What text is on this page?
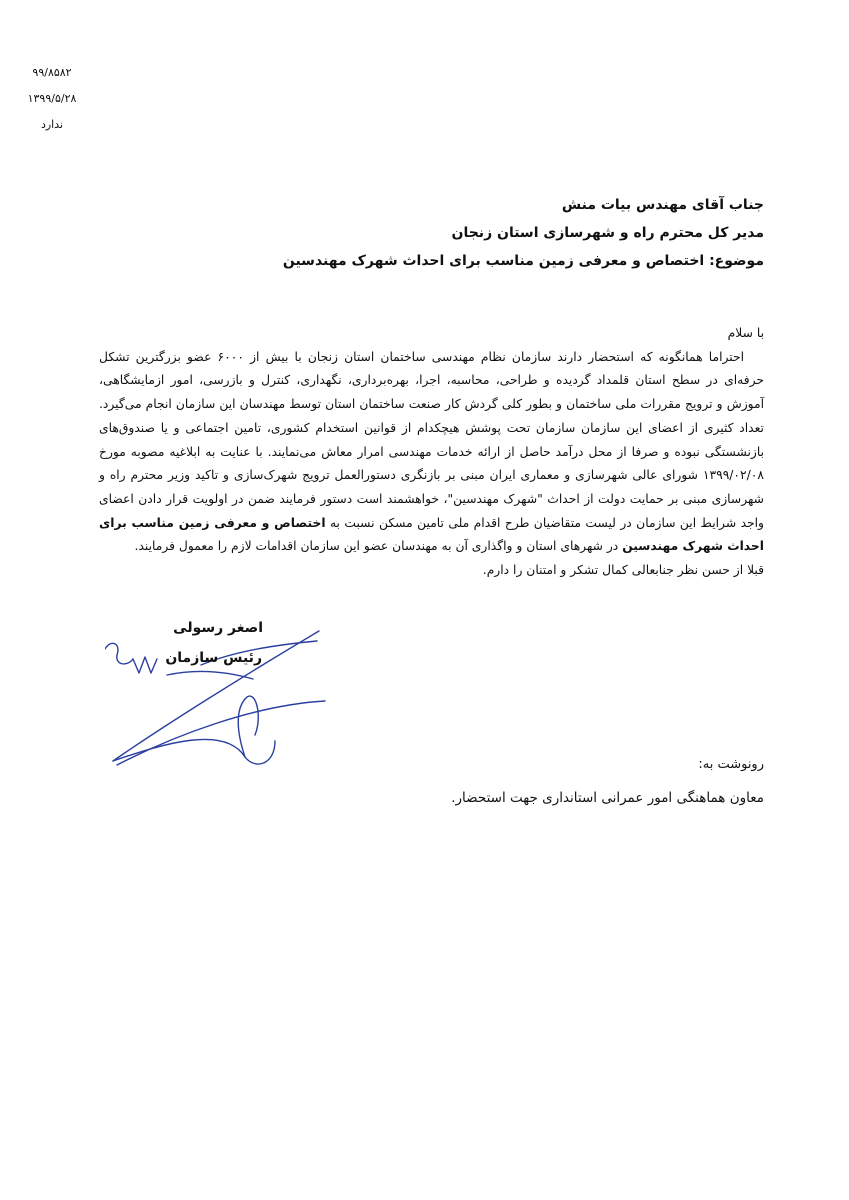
۹۹/۸۵۸۲
۱۳۹۹/۵/۲۸
ندارد
جناب آقای مهندس بیات منش
مدیر کل محترم راه و شهرسازی استان زنجان
موضوع: اختصاص و معرفی زمین مناسب برای احداث شهرک مهندسین

با سلام

احتراما همانگونه که استحضار دارند سازمان نظام مهندسی ساختمان استان زنجان با بیش از ۶۰۰۰ عضو بزرگترین تشکل حرفه‌ای در سطح استان قلمداد گردیده و طراحی، محاسبه، اجرا، بهره‌برداری، نگهداری، کنترل و بازرسی، امور ازمایشگاهی، آموزش و ترویج مقررات ملی ساختمان و بطور کلی گردش کار صنعت ساختمان استان توسط مهندسان این سازمان انجام می‌گیرد. تعداد کثیری از اعضای این سازمان سازمان تحت پوشش هیچکدام از قوانین استخدام کشوری، تامین اجتماعی و یا صندوق‌های بازنشستگی نبوده و صرفا از محل درآمد حاصل از ارائه خدمات مهندسی امرار معاش می‌نمایند. با عنایت به ابلاغیه مصوبه مورخ ۱۳۹۹/۰۲/۰۸ شورای عالی شهرسازی و معماری ایران مبنی بر بازنگری دستورالعمل ترویج شهرک‌سازی و تاکید وزیر محترم راه و شهرسازی مبنی بر حمایت دولت از احداث "شهرک مهندسین"، خواهشمند است دستور فرمایند ضمن در اولویت قرار دادن اعضای واجد شرایط این سازمان در لیست متقاضیان طرح اقدام ملی تامین مسکن نسبت به اختصاص و معرفی زمین مناسب برای احداث شهرک مهندسین در شهرهای استان و واگذاری آن به مهندسان عضو این سازمان اقدامات لازم را معمول فرمایند.

قبلا از حسن نظر جنابعالی کمال تشکر و امتنان را دارم.

اصغر رسولی
رئیس سازمان
رونوشت به:
معاون هماهنگی امور عمرانی استانداری جهت استحضار.
